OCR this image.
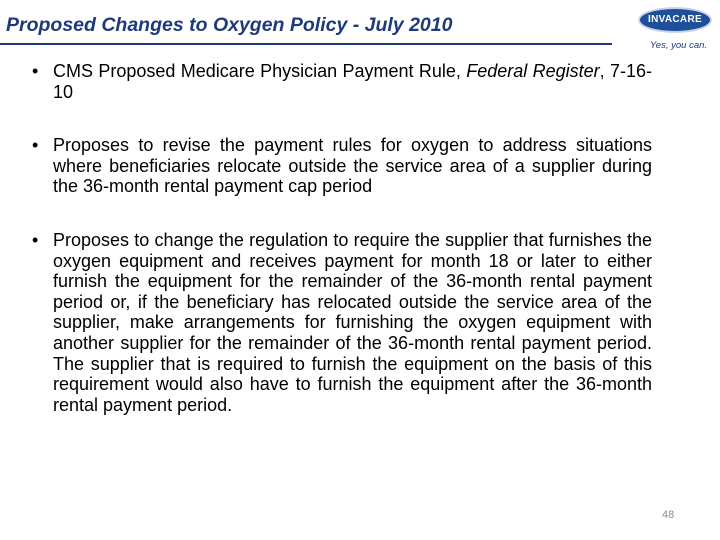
Proposed Changes to Oxygen Policy - July 2010	INVACARE
Yes, you can.
• CMS Proposed Medicare Physician Payment Rule, Federal Register, 7-16-10
• Proposes to revise the payment rules for oxygen to address situations where beneficiaries relocate outside the service area of a supplier during the 36-month rental payment cap period
• Proposes to change the regulation to require the supplier that furnishes the oxygen equipment and receives payment for month 18 or later to either furnish the equipment for the remainder of the 36-month rental payment period or, if the beneficiary has relocated outside the service area of the supplier, make arrangements for furnishing the oxygen equipment with another supplier for the remainder of the 36-month rental payment period. The supplier that is required to furnish the equipment on the basis of this requirement would also have to furnish the equipment after the 36-month rental payment period.
48
